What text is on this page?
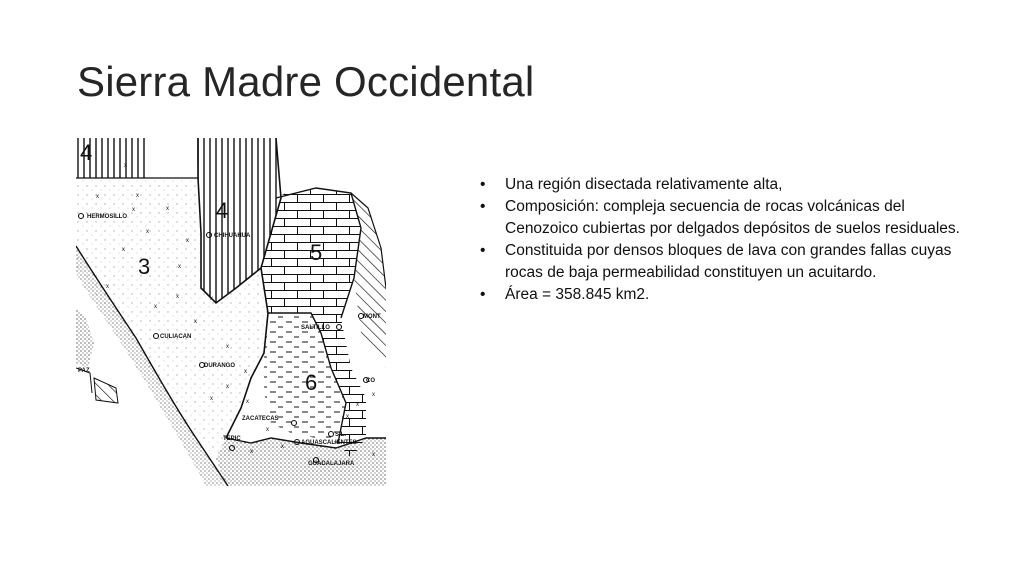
Sierra Madre Occidental
4
4
3
5
6
HERMOSILLO
CHIHUAHUA
CULIACAN
DURANGO
SALTILLO
MONT
CO
ZACATECAS
TEPIC
AGUASCALIENTES
GUADALAJARA
PAZ
S.L.
x	x
x
x
x
x
x
x
x
x
x
x
x
x
x
x
x
x
x
x
x
x
x
x
x
x
• Una región disectada relativamente alta,
• Composición: compleja secuencia de rocas volcánicas del Cenozoico cubiertas por delgados depósitos de suelos residuales.
• Constituida por densos bloques de lava con grandes fallas cuyas rocas de baja permeabilidad constituyen un acuitardo.
• Área = 358.845 km2.
